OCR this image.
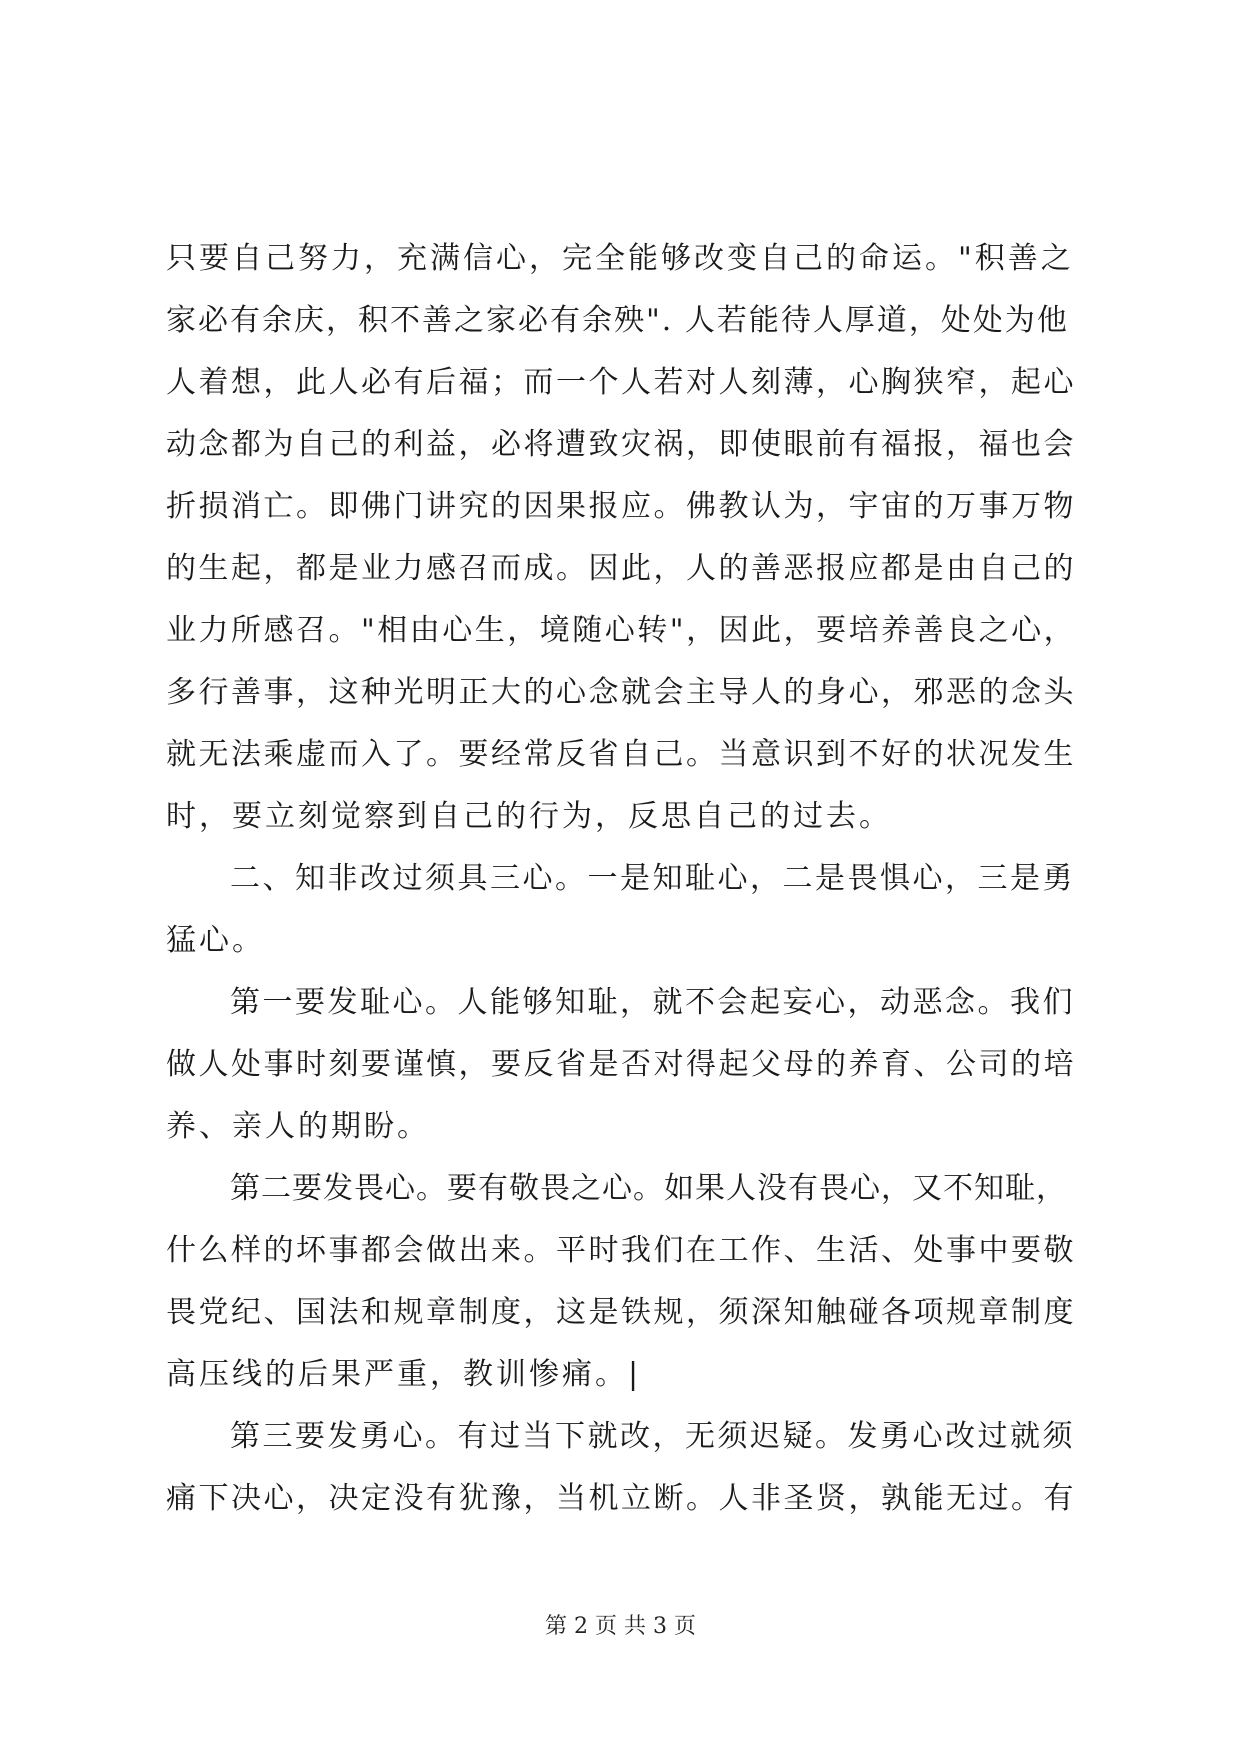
只要自己努力，充满信心，完全能够改变自己的命运。"积善之
家必有余庆，积不善之家必有余殃". 人若能待人厚道，处处为他
人着想，此人必有后福；而一个人若对人刻薄，心胸狭窄，起心
动念都为自己的利益，必将遭致灾祸，即使眼前有福报，福也会
折损消亡。即佛门讲究的因果报应。佛教认为，宇宙的万事万物
的生起，都是业力感召而成。因此，人的善恶报应都是由自己的
业力所感召。"相由心生，境随心转"，因此，要培养善良之心，
多行善事，这种光明正大的心念就会主导人的身心，邪恶的念头
就无法乘虚而入了。要经常反省自己。当意识到不好的状况发生
时，要立刻觉察到自己的行为，反思自己的过去。
二、知非改过须具三心。一是知耻心，二是畏惧心，三是勇
猛心。
第一要发耻心。人能够知耻，就不会起妄心，动恶念。我们
做人处事时刻要谨慎，要反省是否对得起父母的养育、公司的培
养、亲人的期盼。
第二要发畏心。要有敬畏之心。如果人没有畏心，又不知耻，
什么样的坏事都会做出来。平时我们在工作、生活、处事中要敬
畏党纪、国法和规章制度，这是铁规，须深知触碰各项规章制度
高压线的后果严重，教训惨痛。|
第三要发勇心。有过当下就改，无须迟疑。发勇心改过就须
痛下决心，决定没有犹豫，当机立断。人非圣贤，孰能无过。有
第 2 页 共 3 页
